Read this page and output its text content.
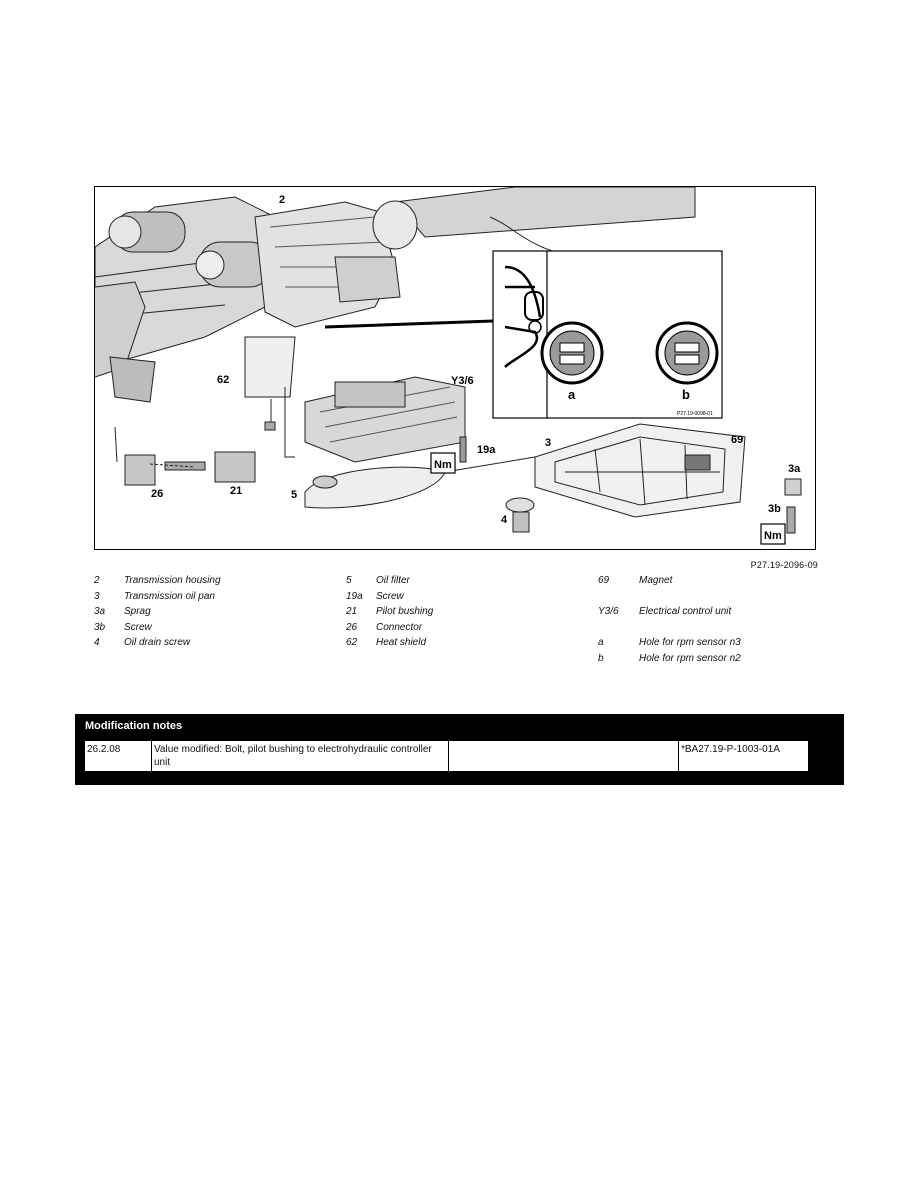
2
62	Y3/6
19a
3	69
26	21	5
4
3a
3b
a	b
P27.19-0098-01
Nm
Nm
P27.19-2096-09
2	Transmission housing
3	Transmission oil pan
3a	Sprag
3b	Screw
4	Oil drain screw
5	Oil filter
19a	Screw
21	Pilot bushing
26	Connector
62	Heat shield
69	Magnet
Y3/6	Electrical control unit
a	Hole for rpm sensor n3
b	Hole for rpm sensor n2
Modification notes
26.2.08	Value modified: Bolt, pilot bushing to electrohydraulic controller unit		*BA27.19-P-1003-01A
